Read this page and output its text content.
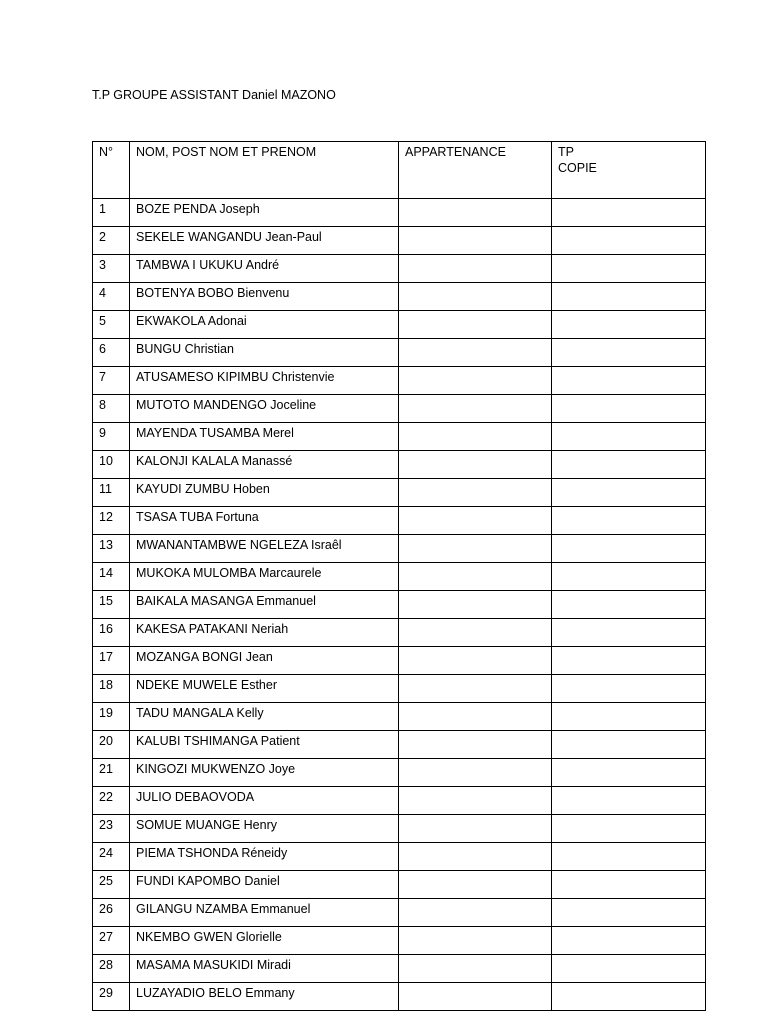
T.P GROUPE ASSISTANT Daniel MAZONO
N°	NOM, POST NOM ET PRENOM	APPARTENANCE	TP
COPIE

1	BOZE PENDA Joseph		
2	SEKELE WANGANDU Jean-Paul		
3	TAMBWA I UKUKU André		
4	BOTENYA BOBO Bienvenu		
5	EKWAKOLA Adonai		
6	BUNGU Christian		
7	ATUSAMESO KIPIMBU Christenvie		
8	MUTOTO MANDENGO Joceline		
9	MAYENDA TUSAMBA Merel		
10	KALONJI KALALA Manassé		
11	KAYUDI ZUMBU Hoben		
12	TSASA TUBA Fortuna		
13	MWANANTAMBWE NGELEZA Israêl		
14	MUKOKA MULOMBA Marcaurele		
15	BAIKALA MASANGA Emmanuel		
16	KAKESA PATAKANI Neriah		
17	MOZANGA BONGI Jean		
18	NDEKE MUWELE Esther		
19	TADU MANGALA Kelly		
20	KALUBI TSHIMANGA Patient		
21	KINGOZI MUKWENZO Joye		
22	JULIO DEBAOVODA		
23	SOMUE MUANGE Henry		
24	PIEMA TSHONDA Réneidy		
25	FUNDI KAPOMBO Daniel		
26	GILANGU NZAMBA Emmanuel		
27	NKEMBO GWEN Glorielle		
28	MASAMA MASUKIDI Miradi		
29	LUZAYADIO BELO Emmany		
